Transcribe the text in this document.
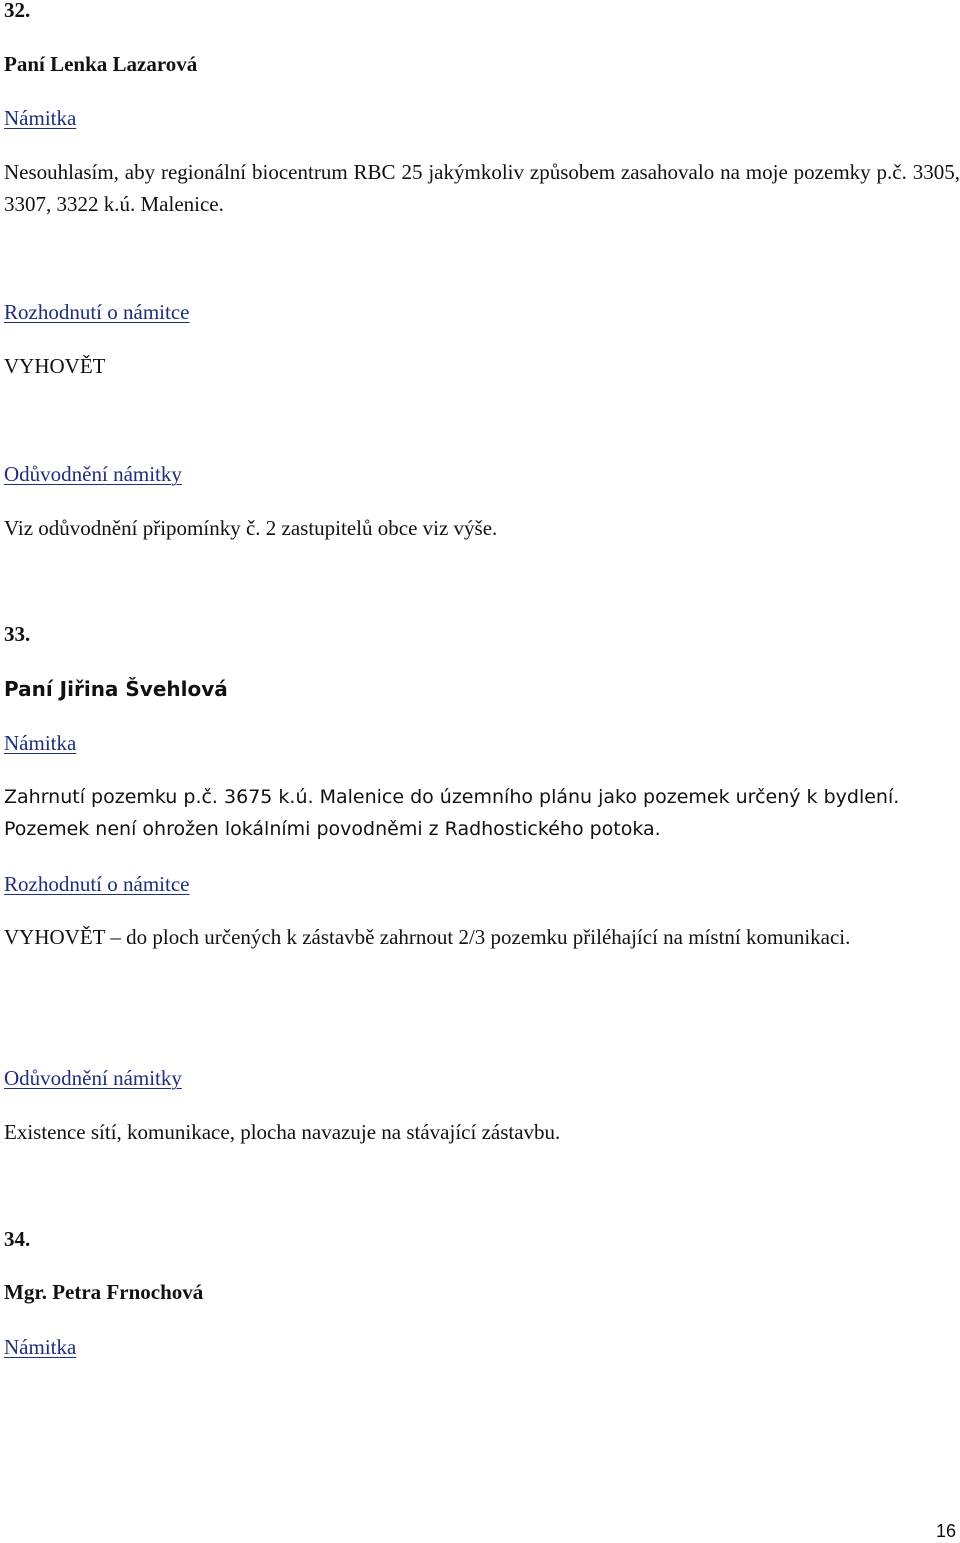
32.

Paní Lenka Lazarová

Námitka

Nesouhlasím, aby regionální biocentrum RBC 25 jakýmkoliv způsobem zasahovalo na moje pozemky p.č. 3305, 3307, 3322 k.ú. Malenice.

Rozhodnutí o námitce

VYHOVĚT

Odůvodnění námitky

Viz odůvodnění připomínky č. 2 zastupitelů obce viz výše.

33.

Paní Jiřina Švehlová

Námitka

Zahrnutí pozemku p.č. 3675 k.ú. Malenice do územního plánu jako pozemek určený k bydlení. Pozemek není ohrožen lokálními povodněmi z Radhostického potoka.

Rozhodnutí o námitce

VYHOVĚT – do ploch určených k zástavbě zahrnout 2/3 pozemku přiléhající na místní komunikaci.

Odůvodnění námitky

Existence sítí, komunikace, plocha navazuje na stávající zástavbu.

34.

Mgr. Petra Frnochová

Námitka

16
